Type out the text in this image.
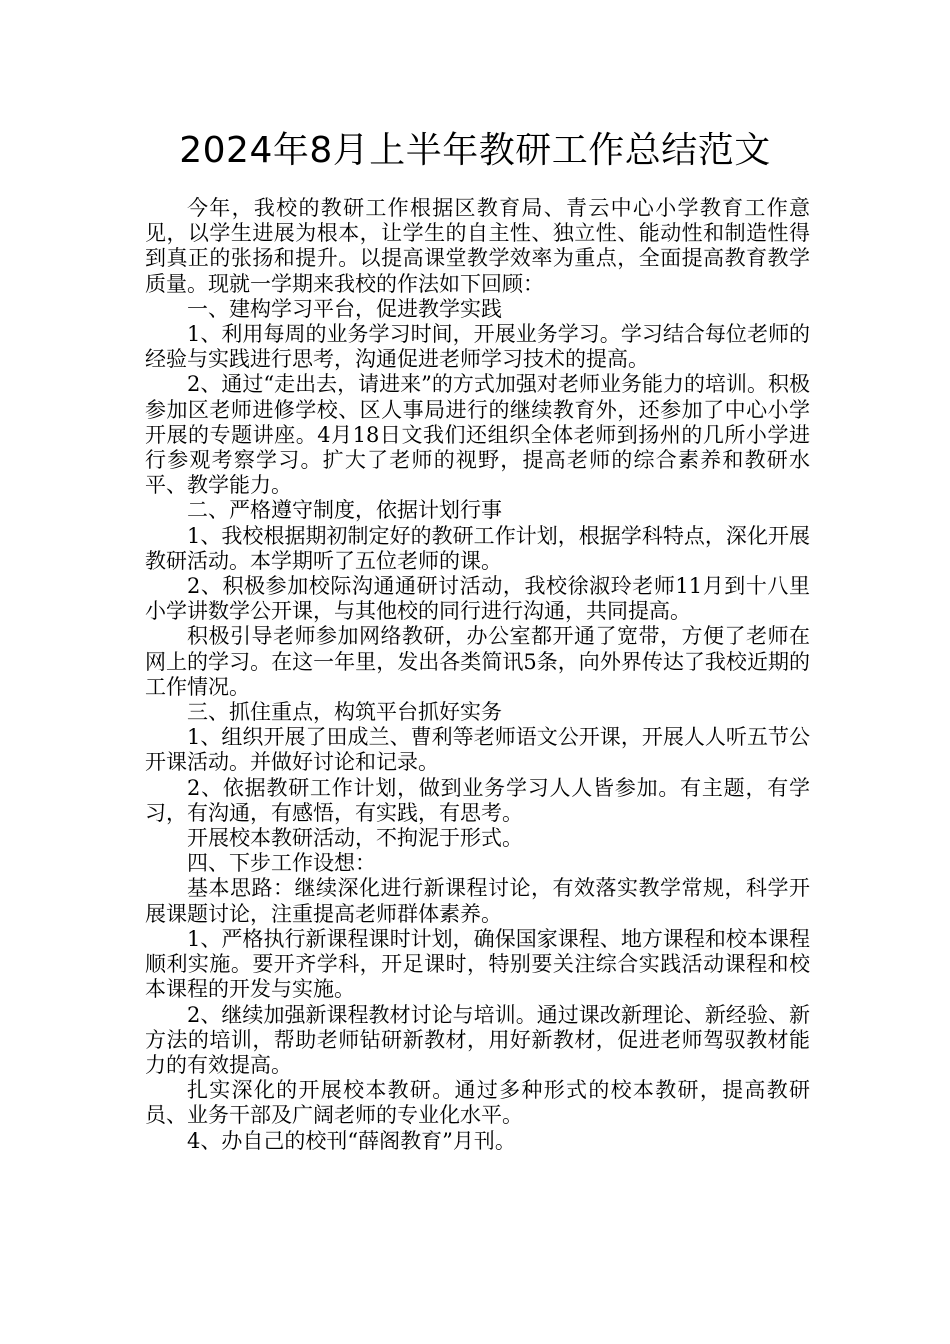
2024年8月上半年教研工作总结范文

今年，我校的教研工作根据区教育局、青云中心小学教育工作意见，以学生进展为根本，让学生的自主性、独立性、能动性和制造性得到真正的张扬和提升。以提高课堂教学效率为重点，全面提高教育教学质量。现就一学期来我校的作法如下回顾：

一、建构学习平台，促进教学实践

1、利用每周的业务学习时间，开展业务学习。学习结合每位老师的经验与实践进行思考，沟通促进老师学习技术的提高。

2、通过“走出去，请进来”的方式加强对老师业务能力的培训。积极参加区老师进修学校、区人事局进行的继续教育外，还参加了中心小学开展的专题讲座。4月18日文我们还组织全体老师到扬州的几所小学进行参观考察学习。扩大了老师的视野，提高老师的综合素养和教研水平、教学能力。

二、严格遵守制度，依据计划行事

1、我校根据期初制定好的教研工作计划，根据学科特点，深化开展教研活动。本学期听了五位老师的课。

2、积极参加校际沟通通研讨活动，我校徐淑玲老师11月到十八里小学讲数学公开课，与其他校的同行进行沟通，共同提高。

积极引导老师参加网络教研，办公室都开通了宽带，方便了老师在网上的学习。在这一年里，发出各类简讯5条，向外界传达了我校近期的工作情况。

三、抓住重点，构筑平台抓好实务

1、组织开展了田成兰、曹利等老师语文公开课，开展人人听五节公开课活动。并做好讨论和记录。

2、依据教研工作计划，做到业务学习人人皆参加。有主题，有学习，有沟通，有感悟，有实践，有思考。

开展校本教研活动，不拘泥于形式。

四、下步工作设想：

基本思路：继续深化进行新课程讨论，有效落实教学常规，科学开展课题讨论，注重提高老师群体素养。

1、严格执行新课程课时计划，确保国家课程、地方课程和校本课程顺利实施。要开齐学科，开足课时，特别要关注综合实践活动课程和校本课程的开发与实施。

2、继续加强新课程教材讨论与培训。通过课改新理论、新经验、新方法的培训，帮助老师钻研新教材，用好新教材，促进老师驾驭教材能力的有效提高。

扎实深化的开展校本教研。通过多种形式的校本教研，提高教研员、业务干部及广阔老师的专业化水平。

4、办自己的校刊“薛阁教育”月刊。
